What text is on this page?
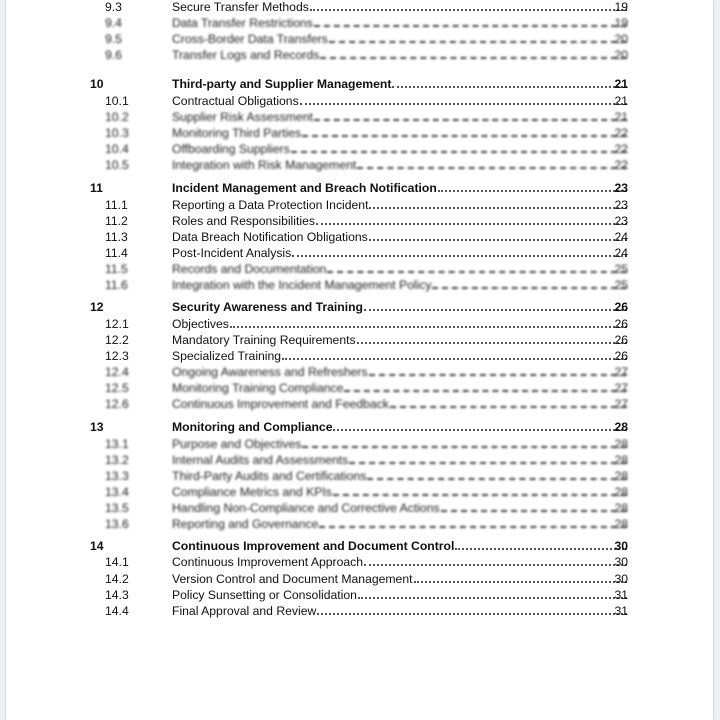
9.3	Secure Transfer Methods	19
9.4	Data Transfer Restrictions	19
9.5	Cross-Border Data Transfers	20
9.6	Transfer Logs and Records	20
10	Third-party and Supplier Management	21
10.1	Contractual Obligations	21
10.2	Supplier Risk Assessment	21
10.3	Monitoring Third Parties	22
10.4	Offboarding Suppliers	22
10.5	Integration with Risk Management	22
11	Incident Management and Breach Notification	23
11.1	Reporting a Data Protection Incident	23
11.2	Roles and Responsibilities	23
11.3	Data Breach Notification Obligations	24
11.4	Post-Incident Analysis	24
11.5	Records and Documentation	25
11.6	Integration with the Incident Management Policy	25
12	Security Awareness and Training	26
12.1	Objectives	26
12.2	Mandatory Training Requirements	26
12.3	Specialized Training	26
12.4	Ongoing Awareness and Refreshers	27
12.5	Monitoring Training Compliance	27
12.6	Continuous Improvement and Feedback	27
13	Monitoring and Compliance	28
13.1	Purpose and Objectives	28
13.2	Internal Audits and Assessments	28
13.3	Third-Party Audits and Certifications	28
13.4	Compliance Metrics and KPIs	28
13.5	Handling Non-Compliance and Corrective Actions	28
13.6	Reporting and Governance	28
14	Continuous Improvement and Document Control	30
14.1	Continuous Improvement Approach	30
14.2	Version Control and Document Management	30
14.3	Policy Sunsetting or Consolidation	31
14.4	Final Approval and Review	31
